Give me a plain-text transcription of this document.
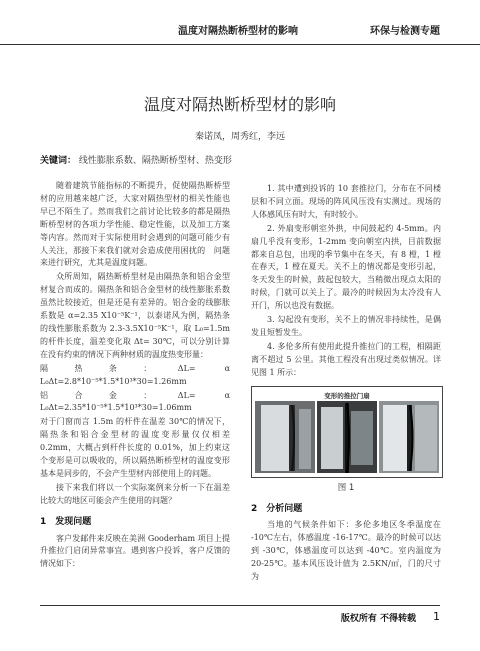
温度对隔热断桥型材的影响	环保与检测专题
温度对隔热断桥型材的影响
秦诺凤，周秀红，李远
关键词： 线性膨胀系数、隔热断桥型材、热变形

随着建筑节能指标的不断提升，促使隔热断桥型材的应用越来越广泛，大家对隔热型材的相关性能也早已不陌生了。然而我们之前讨论比较多的都是隔热断桥型材的各项力学性能、稳定性能，以及加工方案等内容。然而对于实际使用时会遇到的问题可能少有人关注，那接下来我们就对会造成使用困扰的　问题来进行研究，尤其是温度问题。

众所周知，隔热断桥型材是由隔热条和铝合金型材复合而成的。隔热条和铝合金型材的线性膨胀系数虽然比较接近，但是还是有差异的。铝合金的线膨胀系数是 α=2.35 X10⁻⁵K⁻¹，以泰诺风为例，隔热条的线性膨胀系数为 2.3-3.5X10⁻⁵K⁻¹，取 L₀=1.5m 的杆件长度，温差变化取 Δt= 30℃，可以分别计算在没有约束的情况下两种材质的温度热变形量：

隔热条：ΔL= α L₀Δt=2.8*10⁻⁵*1.5*10³*30=1.26mm

铝合金：ΔL= α L₀Δt=2.35*10⁻⁵*1.5*10³*30=1.06mm

对于门窗而言 1.5m 的杆件在温差 30℃的情况下，隔热条和铝合金型材的温度变形量仅仅相差 0.2mm，大概占到杆件长度的 0.01%，加上约束这个变形是可以吸收的，所以隔热断桥型材的温度变形基本是同步的，不会产生型材内部使用上的问题。

接下来我们将以一个实际案例来分析一下在温差比较大的地区可能会产生使用的问题？

1　发现问题

客户发邮件来反映在美洲 Gooderham 项目上提升推拉门启闭异常事宜。遇到客户投诉，客户反馈的情况如下：

1. 其中遭到投诉的 10 套推拉门，分布在不同楼层和不同立面。现场的阵风风压没有实测过。现场的人体感风压有时大，有时较小。

2. 外扇变形朝室外拱，中间鼓起约 4-5mm。内扇几乎没有变形，1-2mm 变向朝室内拱，目前数据都来自总包，出现的季节集中在冬天，有 8 樘，1 樘在春天，1 樘在夏天。关不上的情况都是变形引起，冬天发生的时候，鼓起包较大，当稍微出现点太阳的时候，门就可以关上了。最冷的时候因为太冷没有人开门，所以也没有数据。

3. 勾起没有变形，关不上的情况非持续性，是偶发且短暂发生。

4. 多伦多所有使用此提升推拉门的工程，相隔距离不超过 5 公里。其他工程没有出现过类似情况。详见图 1 所示：

变形的推拉门扇
图 1
2　分析问题

当地的气候条件如下：多伦多地区冬季温度在 -10℃左右，体感温度 -16-17℃。最冷的时候可以达到 -30℃，体感温度可以达到 -40℃。室内温度为 20-25℃。基本风压设计值为 2.5KN/㎡，门的尺寸为

版权所有 不得转载 1
